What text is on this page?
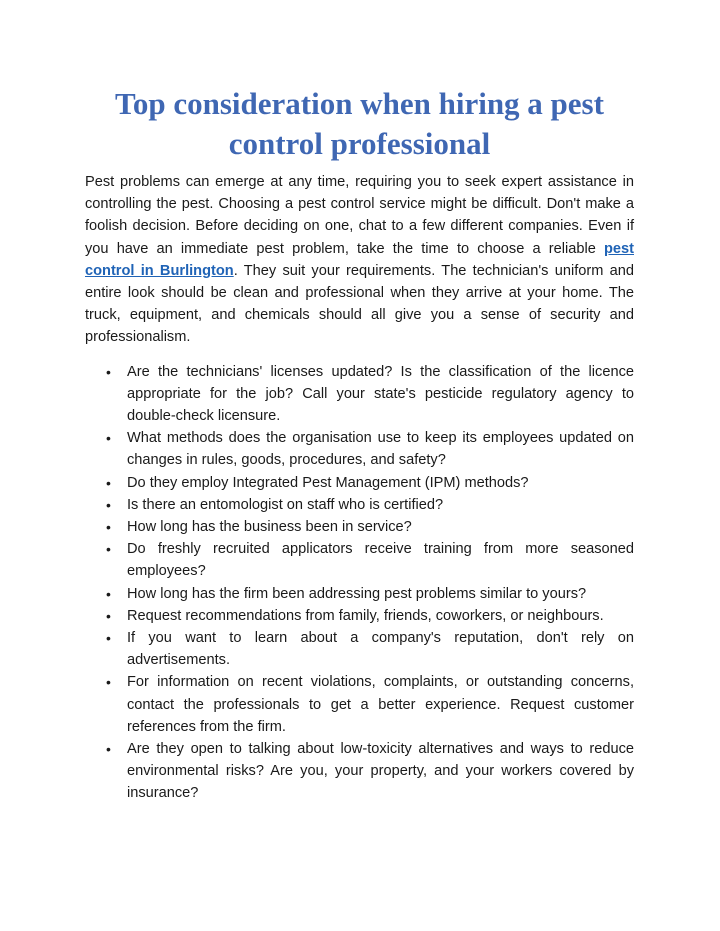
Top consideration when hiring a pest control professional

Pest problems can emerge at any time, requiring you to seek expert assistance in controlling the pest. Choosing a pest control service might be difficult. Don't make a foolish decision. Before deciding on one, chat to a few different companies. Even if you have an immediate pest problem, take the time to choose a reliable pest control in Burlington. They suit your requirements. The technician's uniform and entire look should be clean and professional when they arrive at your home. The truck, equipment, and chemicals should all give you a sense of security and professionalism.

• Are the technicians' licenses updated? Is the classification of the licence appropriate for the job? Call your state's pesticide regulatory agency to double-check licensure.
• What methods does the organisation use to keep its employees updated on changes in rules, goods, procedures, and safety?
• Do they employ Integrated Pest Management (IPM) methods?
• Is there an entomologist on staff who is certified?
• How long has the business been in service?
• Do freshly recruited applicators receive training from more seasoned employees?
• How long has the firm been addressing pest problems similar to yours?
• Request recommendations from family, friends, coworkers, or neighbours.
• If you want to learn about a company's reputation, don't rely on advertisements.
• For information on recent violations, complaints, or outstanding concerns, contact the professionals to get a better experience. Request customer references from the firm.
• Are they open to talking about low-toxicity alternatives and ways to reduce environmental risks? Are you, your property, and your workers covered by insurance?
